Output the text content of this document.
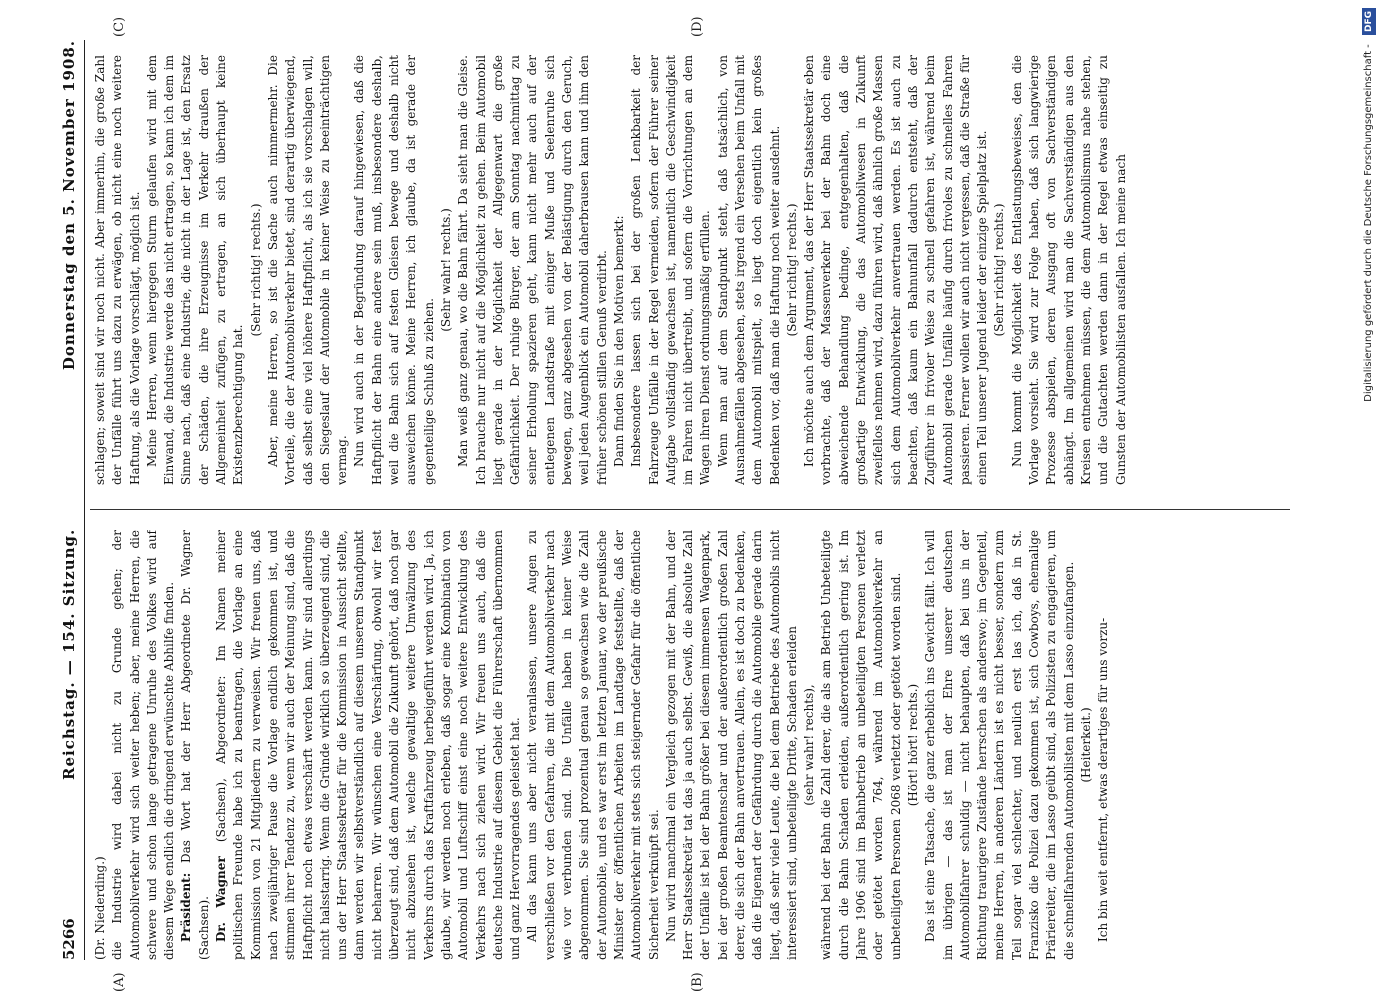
5266
Reichstag. — 154. Sitzung.
Donnerstag den 5. November 1908.
(A)	(B)
(C)	(D)

(Dr. Niederding.) die Industrie wird dabei nicht zu Grunde gehen; der Automobilverkehr wird sich weiter heben; aber, meine Herren, die schwere und schon lange getragene Unruhe des Volkes wird auf diesem Wege endlich die dringend erwünschte Abhilfe finden. Präsident: Das Wort hat der Herr Abgeordnete Dr. Wagner (Sachsen). Dr. Wagner (Sachsen), Abgeordneter: Im Namen meiner politischen Freunde habe ich zu beantragen, die Vorlage an eine Kommission von 21 Mitgliedern zu verweisen. Wir freuen uns, daß nach zweijähriger Pause die Vorlage endlich gekommen ist, und stimmen ihrer Tendenz zu, wenn wir auch der Meinung sind, daß die Haftpflicht noch etwas verschärft werden kann. Wir sind allerdings nicht halsstarrig. Wenn die Gründe wirklich so überzeugend sind, die uns der Herr Staatssekretär für die Kommission in Aussicht stellte, dann werden wir selbstverständlich auf diesem unserem Standpunkt nicht beharren. Wir wünschen eine Verschärfung, obwohl wir fest überzeugt sind, daß dem Automobil die Zukunft gehört, daß noch gar nicht abzusehen ist, welche gewaltige weitere Umwälzung des Verkehrs durch das Kraftfahrzeug herbeigeführt werden wird. Ja, ich glaube, wir werden noch erleben, daß sogar eine Kombination von Automobil und Luftschiff einst eine noch weitere Entwicklung des Verkehrs nach sich ziehen wird. Wir freuen uns auch, daß die deutsche Industrie auf diesem Gebiet die Führerschaft übernommen und ganz Hervorragendes geleistet hat. All das kann uns aber nicht veranlassen, unsere Augen zu verschließen vor den Gefahren, die mit dem Automobilverkehr nach wie vor verbunden sind. Die Unfälle haben in keiner Weise abgenommen. Sie sind prozentual genau so gewachsen wie die Zahl der Automobile, und es war erst im letzten Januar, wo der preußische Minister der öffentlichen Arbeiten im Landtage feststellte, daß der Automobilverkehr mit stets sich steigernder Gefahr für die öffentliche Sicherheit verknüpft sei. Nun wird manchmal ein Vergleich gezogen mit der Bahn, und der Herr Staatssekretär tat das ja auch selbst. Gewiß, die absolute Zahl der Unfälle ist bei der Bahn größer bei diesem immensen Wagenpark, bei der großen Beamtenschar und der außerordentlich großen Zahl derer, die sich der Bahn anvertrauen. Allein, es ist doch zu bedenken, daß die Eigenart der Gefährdung durch die Automobile gerade darin liegt, daß sehr viele Leute, die bei dem Betriebe des Automobils nicht interessiert sind, unbeteiligte Dritte, Schaden erleiden (sehr wahr! rechts), während bei der Bahn die Zahl derer, die als am Betrieb Unbeteiligte durch die Bahn Schaden erleiden, außerordentlich gering ist. Im Jahre 1906 sind im Bahnbetrieb an unbeteiligten Personen verletzt oder getötet worden 764, während im Automobilverkehr an unbeteiligten Personen 2068 verletzt oder getötet worden sind. (Hört! hört! rechts.) Das ist eine Tatsache, die ganz erheblich ins Gewicht fällt. Ich will im übrigen — das ist man der Ehre unserer deutschen Automobilfahrer schuldig — nicht behaupten, daß bei uns in der Richtung traurigere Zustände herrschen als anderswo; im Gegenteil, meine Herren, in anderen Ländern ist es nicht besser, sondern zum Teil sogar viel schlechter, und neulich erst las ich, daß in St. Franzisko die Polizei dazu gekommen ist, sich Cowboys, ehemalige Präriereiter, die im Lasso geübt sind, als Polizisten zu engagieren, um die schnellfahrenden Automobilisten mit dem Lasso einzufangen. (Heiterkeit.) Ich bin weit entfernt, etwas derartiges für uns vorzu-

schlagen; soweit sind wir noch nicht. Aber immerhin, die große Zahl der Unfälle führt uns dazu zu erwägen, ob nicht eine noch weitere Haftung, als die Vorlage vorschlägt, möglich ist. Meine Herren, wenn hiergegen Sturm gelaufen wird mit dem Einwand, die Industrie werde das nicht ertragen, so kann ich dem im Sinne nach, daß eine Industrie, die nicht in der Lage ist, den Ersatz der Schäden, die ihre Erzeugnisse im Verkehr draußen der Allgemeinheit zufügen, zu ertragen, an sich überhaupt keine Existenzberechtigung hat.

(Sehr richtig! rechts.) Aber, meine Herren, so ist die Sache auch nimmermehr. Die Vorteile, die der Automobilverkehr bietet, sind derartig überwiegend, daß selbst eine viel höhere Haftpflicht, als ich sie vorschlagen will, den Siegeslauf der Automobile in keiner Weise zu beeinträchtigen vermag. Nun wird auch in der Begründung darauf hingewiesen, daß die Haftpflicht der Bahn eine andere sein muß, insbesondere deshalb, weil die Bahn sich auf festen Gleisen bewege und deshalb nicht ausweichen könne. Meine Herren, ich glaube, da ist gerade der gegenteilige Schluß zu ziehen.

(Sehr wahr! rechts.) Man weiß ganz genau, wo die Bahn fährt. Da sieht man die Gleise. Ich brauche nur nicht auf die Möglichkeit zu gehen. Beim Automobil liegt gerade in der Möglichkeit der Allgegenwart die große Gefährlichkeit. Der ruhige Bürger, der am Sonntag nachmittag zu seiner Erholung spazieren geht, kann nicht mehr auch auf der entlegenen Landstraße mit einiger Muße und Seelenruhe sich bewegen, ganz abgesehen von der Belästigung durch den Geruch, weil jeden Augenblick ein Automobil daherbrausen kann und ihm den früher schönen stillen Genuß verdirbt. Dann finden Sie in den Motiven bemerkt: Insbesondere lassen sich bei der großen Lenkbarkeit der Fahrzeuge Unfälle in der Regel vermeiden, sofern der Führer seiner Aufgabe vollständig gewachsen ist, namentlich die Geschwindigkeit im Fahren nicht übertreibt, und sofern die Vorrichtungen an dem Wagen ihren Dienst ordnungsmäßig erfüllen. Wenn man auf dem Standpunkt steht, daß tatsächlich, von Ausnahmefällen abgesehen, stets irgend ein Versehen beim Unfall mit dem Automobil mitspielt, so liegt doch eigentlich kein großes Bedenken vor, daß man die Haftung noch weiter ausdehnt. (Sehr richtig! rechts.) Ich möchte auch dem Argument, das der Herr Staatssekretär eben vorbrachte, daß der Massenverkehr bei der Bahn doch eine abweichende Behandlung bedinge, entgegenhalten, daß die großartige Entwicklung, die das Automobilwesen in Zukunft zweifellos nehmen wird, dazu führen wird, daß ähnlich große Massen sich dem Automobilverkehr anvertrauen werden. Es ist auch zu beachten, daß kaum ein Bahnunfall dadurch entsteht, daß der Zugführer in frivoler Weise zu schnell gefahren ist, während beim Automobil gerade Unfälle häufig durch frivoles zu schnelles Fahren passieren. Ferner wollen wir auch nicht vergessen, daß die Straße für einen Teil unserer Jugend leider der einzige Spielplatz ist. (Sehr richtig! rechts.) Nun kommt die Möglichkeit des Entlastungsbeweises, den die Vorlage vorsieht. Sie wird zur Folge haben, daß sich langwierige Prozesse abspielen, deren Ausgang oft von Sachverständigen abhängt. Im allgemeinen wird man die Sachverständigen aus den Kreisen entnehmen müssen, die dem Automobilismus nahe stehen, und die Gutachten werden dann in der Regel etwas einseitig zu Gunsten der Automobilisten ausfallen. Ich meine nach	Digitalisierung gefördert durch die Deutsche Forschungsgemeinschaft - DFG
